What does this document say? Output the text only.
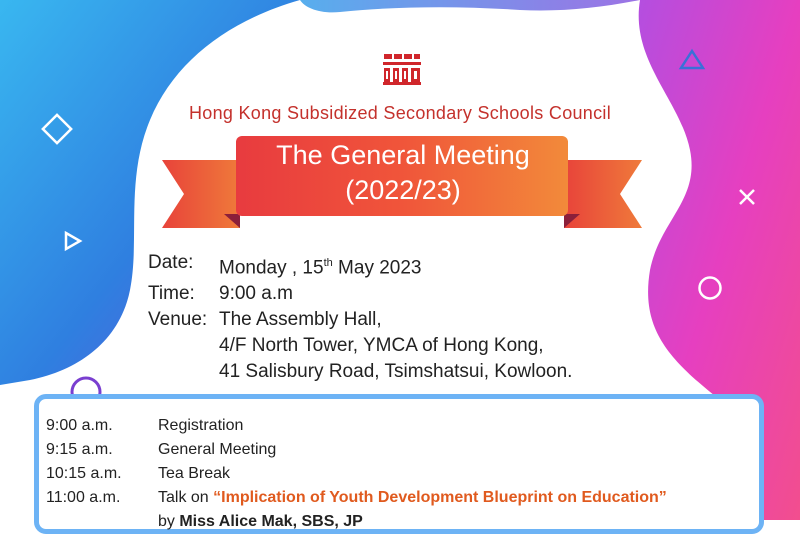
Hong Kong Subsidized Secondary Schools Council
The General Meeting
(2022/23)
Date:	Monday , 15th May 2023
Time:	9:00 a.m
Venue: The Assembly Hall,
4/F North Tower, YMCA of Hong Kong,
41 Salisbury Road, Tsimshatsui, Kowloon.
9:00 a.m.	Registration
9:15 a.m.	General Meeting
10:15 a.m.	Tea Break
11:00 a.m.	Talk on “Implication of Youth Development Blueprint on Education”
by Miss Alice Mak, SBS, JP
